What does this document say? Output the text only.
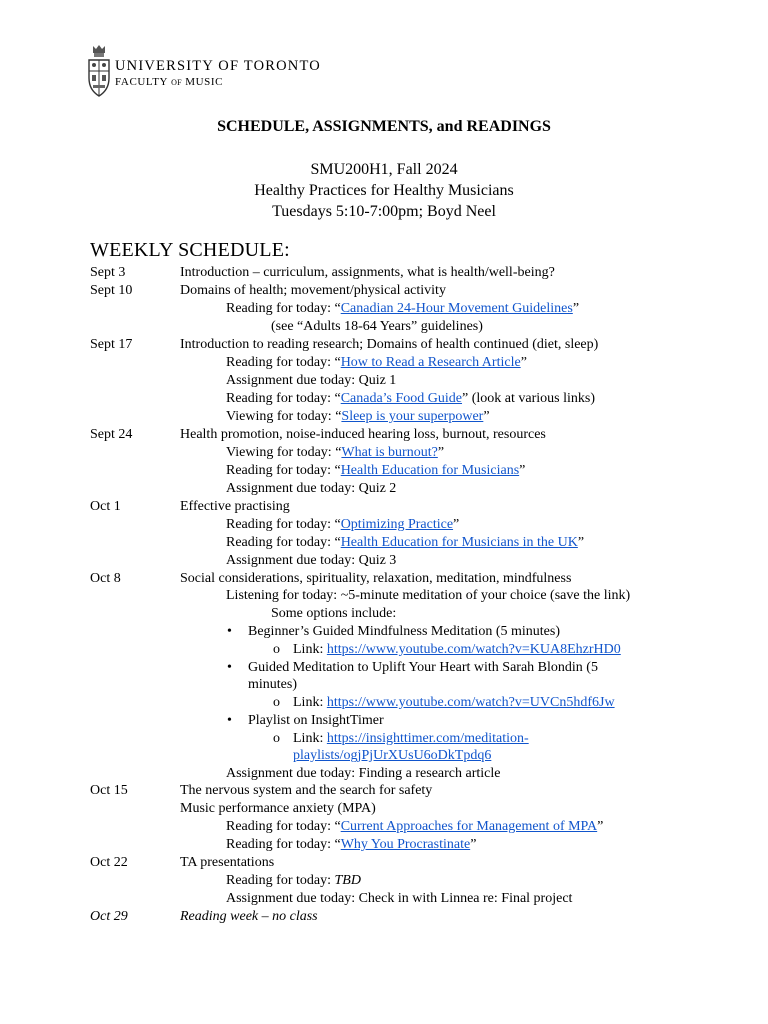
UNIVERSITY OF TORONTO
FACULTY OF MUSIC
SCHEDULE, ASSIGNMENTS, and READINGS
SMU200H1, Fall 2024
Healthy Practices for Healthy Musicians
Tuesdays 5:10-7:00pm; Boyd Neel
WEEKLY SCHEDULE:
Sept 3	Introduction – curriculum, assignments, what is health/well-being?
Sept 10	Domains of health; movement/physical activity
Reading for today: “Canadian 24-Hour Movement Guidelines”
(see “Adults 18-64 Years” guidelines)
Sept 17	Introduction to reading research; Domains of health continued (diet, sleep)
Reading for today: “How to Read a Research Article”
Assignment due today: Quiz 1
Reading for today: “Canada’s Food Guide” (look at various links)
Viewing for today: “Sleep is your superpower”
Sept 24	Health promotion, noise-induced hearing loss, burnout, resources
Viewing for today: “What is burnout?”
Reading for today: “Health Education for Musicians”
Assignment due today: Quiz 2
Oct 1	Effective practising
Reading for today: “Optimizing Practice”
Reading for today: “Health Education for Musicians in the UK”
Assignment due today: Quiz 3
Oct 8	Social considerations, spirituality, relaxation, meditation, mindfulness
Listening for today: ~5-minute meditation of your choice (save the link)
Some options include:
• Beginner’s Guided Mindfulness Meditation (5 minutes)
o Link: https://www.youtube.com/watch?v=KUA8EhzrHD0
• Guided Meditation to Uplift Your Heart with Sarah Blondin (5
minutes)
o Link: https://www.youtube.com/watch?v=UVCn5hdf6Jw
• Playlist on InsightTimer
o Link: https://insighttimer.com/meditation-
playlists/ogjPjUrXUsU6oDkTpdq6
Assignment due today: Finding a research article
Oct 15	The nervous system and the search for safety
Music performance anxiety (MPA)
Reading for today: “Current Approaches for Management of MPA”
Reading for today: “Why You Procrastinate”
Oct 22	TA presentations
Reading for today: TBD
Assignment due today: Check in with Linnea re: Final project
Oct 29	Reading week – no class
